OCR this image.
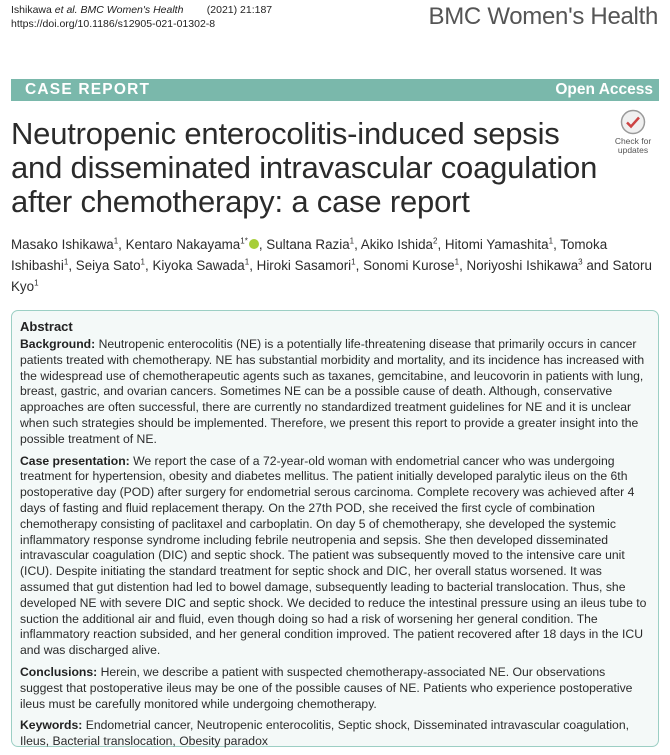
Ishikawa et al. BMC Women's Health (2021) 21:187
https://doi.org/10.1186/s12905-021-01302-8	BMC Women's Health
CASE REPORT	Open Access
Neutropenic enterocolitis-induced sepsis and disseminated intravascular coagulation after chemotherapy: a case report
Check for
updates
Masako Ishikawa$^1$, Kentaro Nakayama$^{1*}$ , Sultana Razia$^1$, Akiko Ishida$^2$, Hitomi Yamashita$^1$, Tomoka Ishibashi$^1$, Seiya Sato$^1$, Kiyoka Sawada$^1$, Hiroki Sasamori$^1$, Sonomi Kurose$^1$, Noriyoshi Ishikawa$^3$ and Satoru Kyo$^1$
Abstract

Background: Neutropenic enterocolitis (NE) is a potentially life-threatening disease that primarily occurs in cancer patients treated with chemotherapy. NE has substantial morbidity and mortality, and its incidence has increased with the widespread use of chemotherapeutic agents such as taxanes, gemcitabine, and leucovorin in patients with lung, breast, gastric, and ovarian cancers. Sometimes NE can be a possible cause of death. Although, conservative approaches are often successful, there are currently no standardized treatment guidelines for NE and it is unclear when such strategies should be implemented. Therefore, we present this report to provide a greater insight into the possible treatment of NE.

Case presentation: We report the case of a 72-year-old woman with endometrial cancer who was undergoing treatment for hypertension, obesity and diabetes mellitus. The patient initially developed paralytic ileus on the 6th postoperative day (POD) after surgery for endometrial serous carcinoma. Complete recovery was achieved after 4 days of fasting and fluid replacement therapy. On the 27th POD, she received the first cycle of combination chemotherapy consisting of paclitaxel and carboplatin. On day 5 of chemotherapy, she developed the systemic inflammatory response syndrome including febrile neutropenia and sepsis. She then developed disseminated intravascular coagulation (DIC) and septic shock. The patient was subsequently moved to the intensive care unit (ICU). Despite initiating the standard treatment for septic shock and DIC, her overall status worsened. It was assumed that gut distention had led to bowel damage, subsequently leading to bacterial translocation. Thus, she developed NE with severe DIC and septic shock. We decided to reduce the intestinal pressure using an ileus tube to suction the additional air and fluid, even though doing so had a risk of worsening her general condition. The inflammatory reaction subsided, and her general condition improved. The patient recovered after 18 days in the ICU and was discharged alive.

Conclusions: Herein, we describe a patient with suspected chemotherapy-associated NE. Our observations suggest that postoperative ileus may be one of the possible causes of NE. Patients who experience postoperative ileus must be carefully monitored while undergoing chemotherapy.

Keywords: Endometrial cancer, Neutropenic enterocolitis, Septic shock, Disseminated intravascular coagulation, Ileus, Bacterial translocation, Obesity paradox
